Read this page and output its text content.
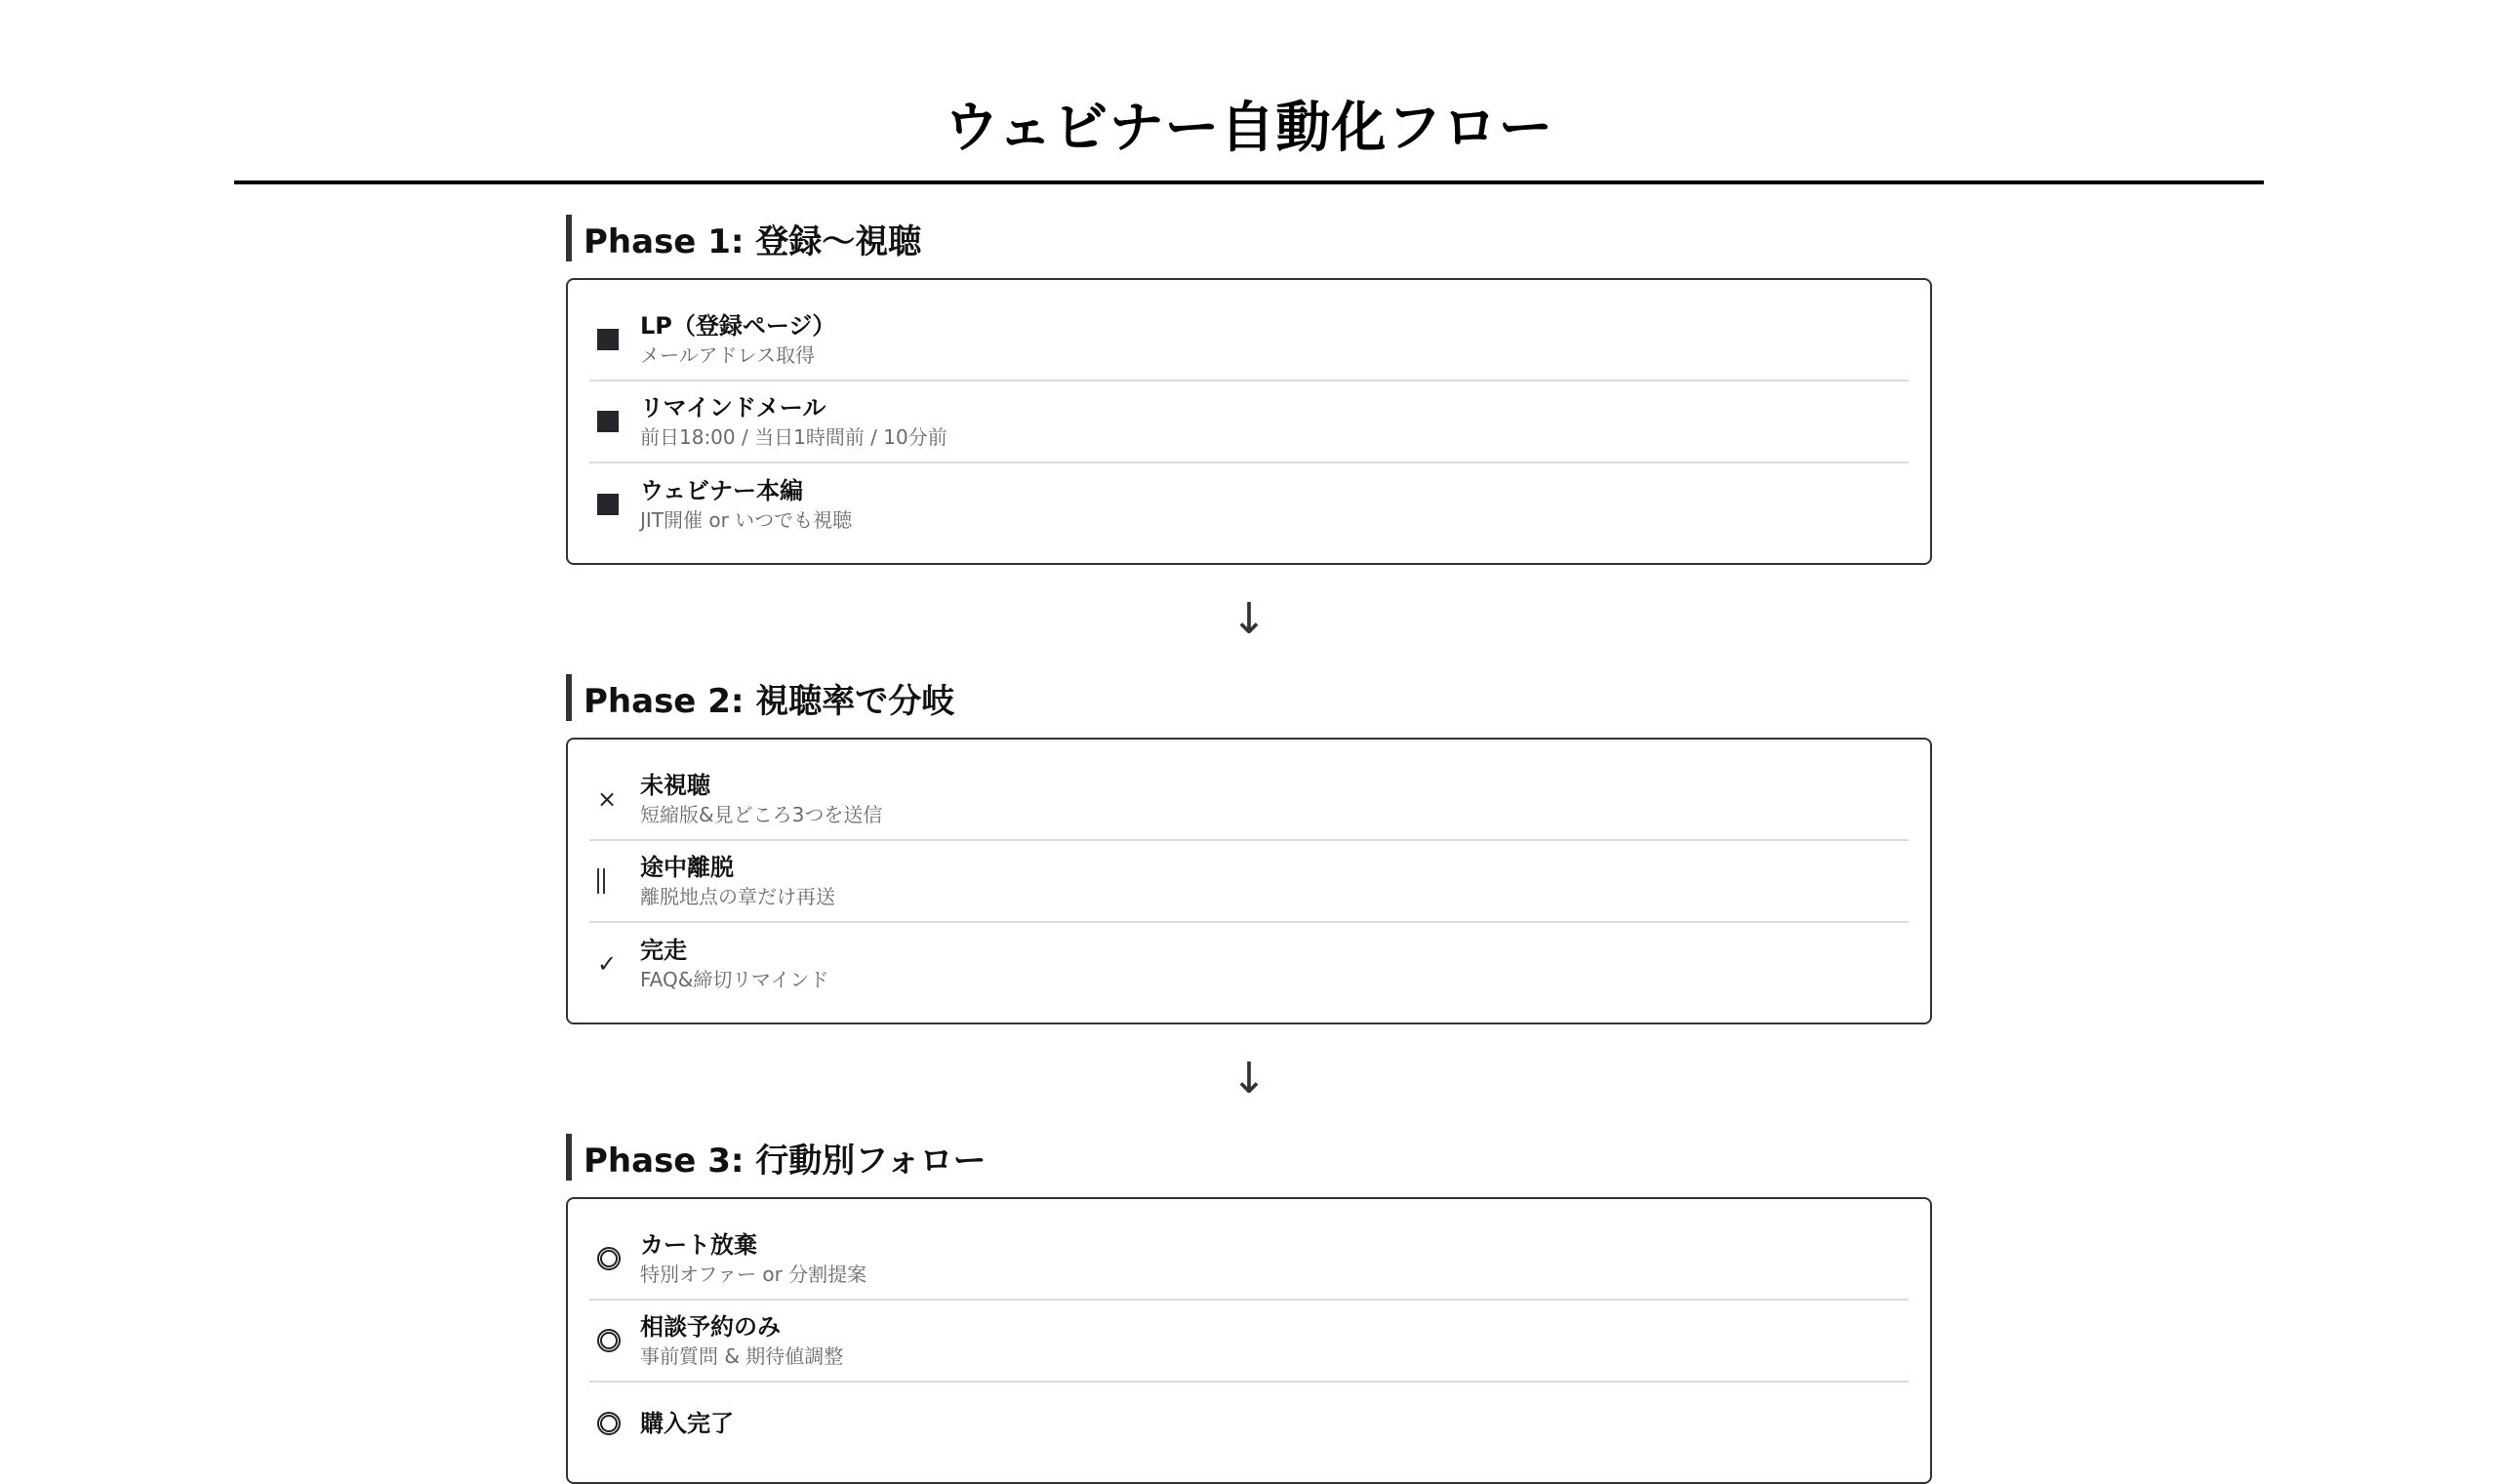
ウェビナー自動化フロー
Phase 1: 登録〜視聴
LP（登録ページ）
メールアドレス取得
リマインドメール
前日18:00 / 当日1時間前 / 10分前
ウェビナー本編
JIT開催 or いつでも視聴
↓
Phase 2: 視聴率で分岐
× 未視聴
短縮版&見どころ3つを送信
途中離脱
離脱地点の章だけ再送
✓ 完走
FAQ&締切リマインド
↓
Phase 3: 行動別フォロー
カート放棄
特別オファー or 分割提案
相談予約のみ
事前質問 & 期待値調整
購入完了
